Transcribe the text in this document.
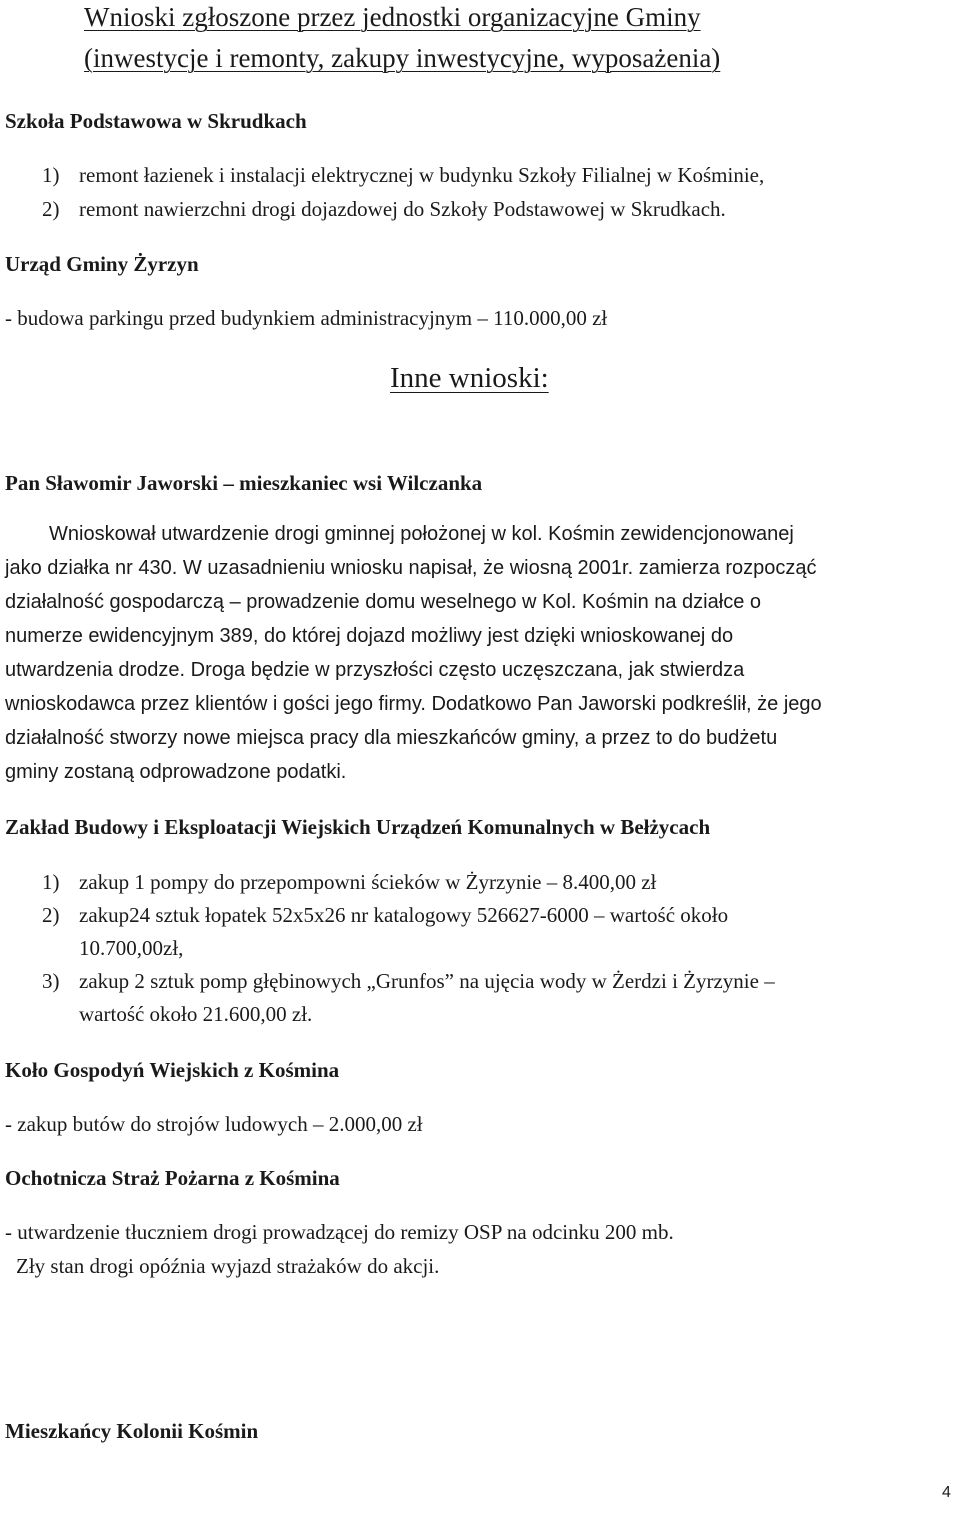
Wnioski zgłoszone przez jednostki organizacyjne Gminy
(inwestycje i remonty, zakupy inwestycyjne, wyposażenia)
Szkoła Podstawowa w Skrudkach
1) remont łazienek i instalacji elektrycznej w budynku Szkoły Filialnej w Kośminie,
2) remont nawierzchni drogi dojazdowej do Szkoły Podstawowej w Skrudkach.
Urząd Gminy Żyrzyn
- budowa parkingu przed budynkiem administracyjnym – 110.000,00 zł
Inne wnioski:
Pan Sławomir Jaworski – mieszkaniec wsi Wilczanka
Wnioskował utwardzenie drogi gminnej położonej w kol. Kośmin zewidencjonowanej
jako działka nr 430. W uzasadnieniu wniosku napisał, że wiosną 2001r. zamierza rozpocząć
działalność gospodarczą – prowadzenie domu weselnego w Kol. Kośmin na działce o
numerze ewidencyjnym 389, do której dojazd możliwy jest dzięki wnioskowanej do
utwardzenia drodze. Droga będzie w przyszłości często uczęszczana, jak stwierdza
wnioskodawca przez klientów i gości jego firmy. Dodatkowo Pan Jaworski podkreślił, że jego
działalność stworzy nowe miejsca pracy dla mieszkańców gminy, a przez to do budżetu
gminy zostaną odprowadzone podatki.
Zakład Budowy i Eksploatacji Wiejskich Urządzeń Komunalnych w Bełżycach
1) zakup 1 pompy do przepompowni ścieków w Żyrzynie – 8.400,00 zł
2) zakup24 sztuk łopatek 52x5x26 nr katalogowy 526627-6000 – wartość około
10.700,00zł,
3) zakup 2 sztuk pomp głębinowych „Grunfos” na ujęcia wody w Żerdzi i Żyrzynie –
wartość około 21.600,00 zł.
Koło Gospodyń Wiejskich z Kośmina
- zakup butów do strojów ludowych – 2.000,00 zł
Ochotnicza Straż Pożarna z Kośmina
- utwardzenie tłuczniem drogi prowadzącej do remizy OSP na odcinku 200 mb.
Zły stan drogi opóźnia wyjazd strażaków do akcji.
Mieszkańcy Kolonii Kośmin
4
